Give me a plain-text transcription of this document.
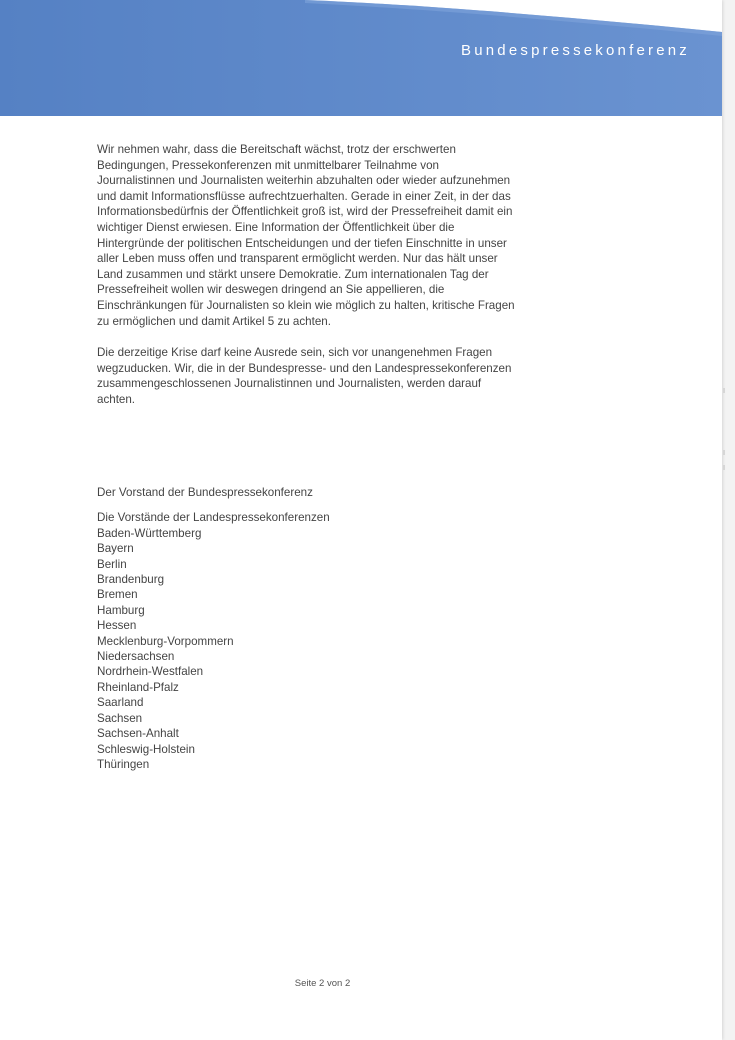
Bundespressekonferenz

Wir nehmen wahr, dass die Bereitschaft wächst, trotz der erschwerten
Bedingungen, Pressekonferenzen mit unmittelbarer Teilnahme von
Journalistinnen und Journalisten weiterhin abzuhalten oder wieder aufzunehmen
und damit Informationsflüsse aufrechtzuerhalten. Gerade in einer Zeit, in der das
Informationsbedürfnis der Öffentlichkeit groß ist, wird der Pressefreiheit damit ein
wichtiger Dienst erwiesen. Eine Information der Öffentlichkeit über die
Hintergründe der politischen Entscheidungen und der tiefen Einschnitte in unser
aller Leben muss offen und transparent ermöglicht werden. Nur das hält unser
Land zusammen und stärkt unsere Demokratie. Zum internationalen Tag der
Pressefreiheit wollen wir deswegen dringend an Sie appellieren, die
Einschränkungen für Journalisten so klein wie möglich zu halten, kritische Fragen
zu ermöglichen und damit Artikel 5 zu achten.

Die derzeitige Krise darf keine Ausrede sein, sich vor unangenehmen Fragen
wegzuducken. Wir, die in der Bundespresse- und den Landespressekonferenzen
zusammengeschlossenen Journalistinnen und Journalisten, werden darauf
achten.

Der Vorstand der Bundespressekonferenz
Die Vorstände der Landespressekonferenzen
Baden-Württemberg
Bayern
Berlin
Brandenburg
Bremen
Hamburg
Hessen
Mecklenburg-Vorpommern
Niedersachsen
Nordrhein-Westfalen
Rheinland-Pfalz
Saarland
Sachsen
Sachsen-Anhalt
Schleswig-Holstein
Thüringen
Seite 2 von 2
